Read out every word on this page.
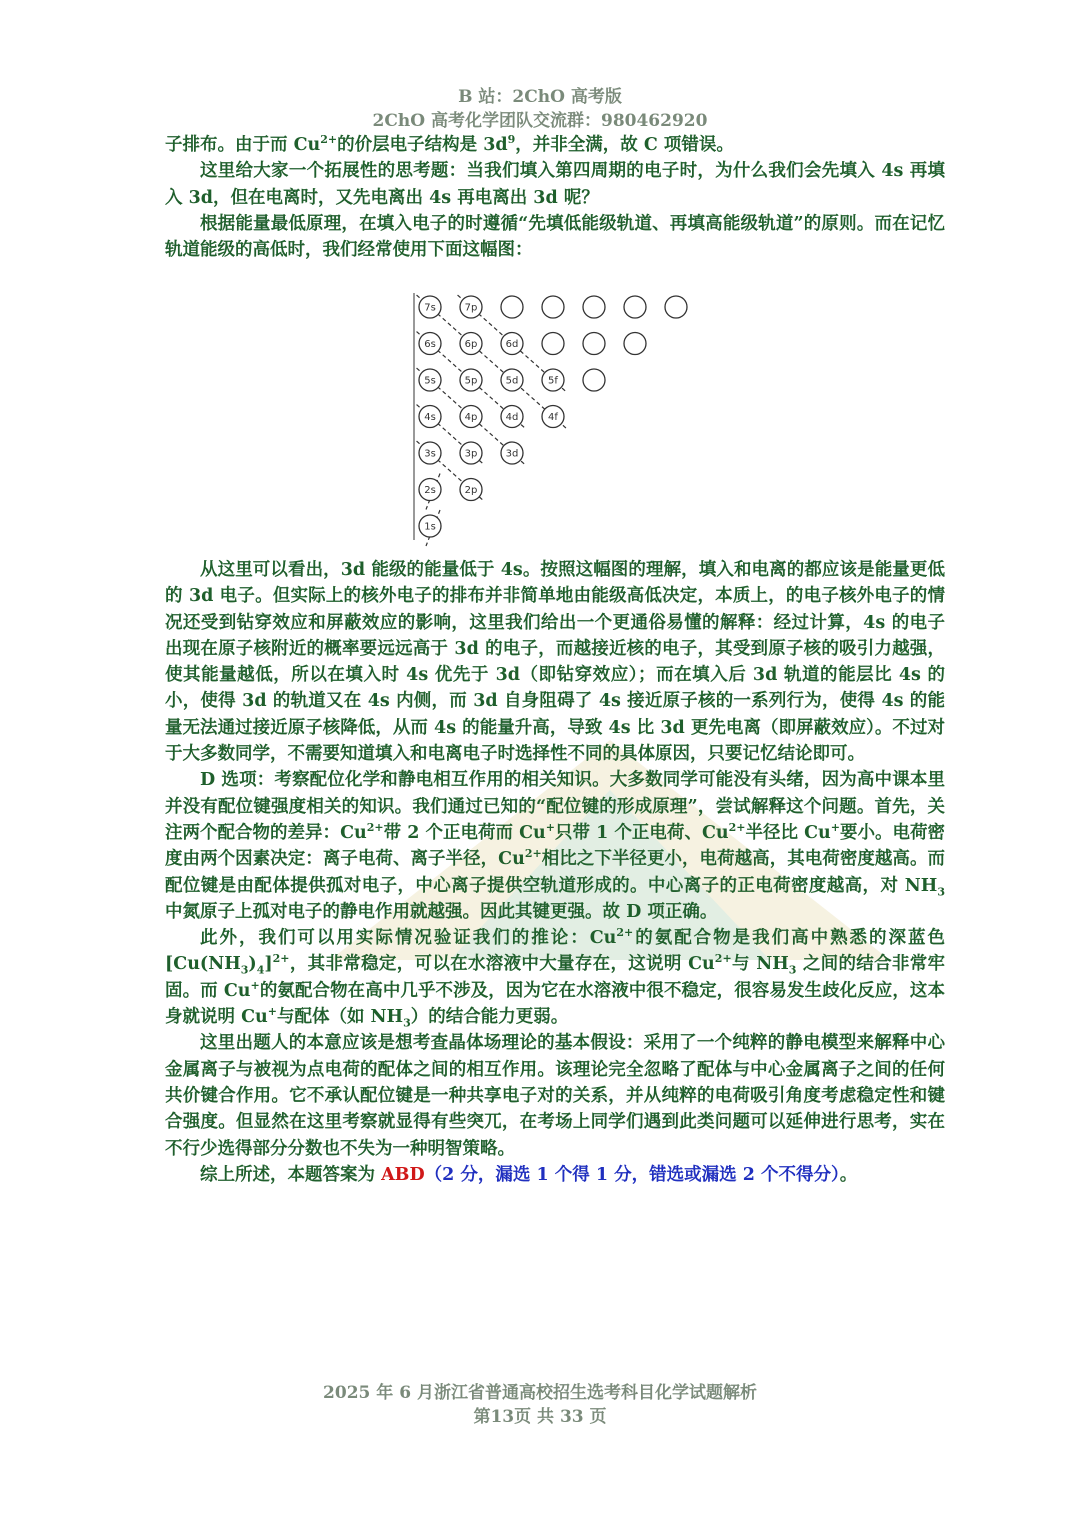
B 站：2ChO 高考版
2ChO 高考化学团队交流群：980462920

子排布。由于而 $Cu^{2+}$的价层电子结构是 $3d^9$，并非全满，故 C 项错误。

这里给大家一个拓展性的思考题：当我们填入第四周期的电子时，为什么我们会先填入 4s 再填入 3d，但在电离时，又先电离出 4s 再电离出 3d 呢？

根据能量最低原理，在填入电子的时遵循“先填低能级轨道、再填高能级轨道”的原则。而在记忆轨道能级的高低时，我们经常使用下面这幅图：

7s	7p
6s	6p	6d
5s	5p	5d	5f
4s	4p	4d	4f
3s	3p	3d
2s	2p
1s

从这里可以看出，3d 能级的能量低于 4s。按照这幅图的理解，填入和电离的都应该是能量更低的 3d 电子。但实际上的核外电子的排布并非简单地由能级高低决定，本质上，的电子核外电子的情况还受到钻穿效应和屏蔽效应的影响，这里我们给出一个更通俗易懂的解释：经过计算，4s 的电子出现在原子核附近的概率要远远高于 3d 的电子，而越接近核的电子，其受到原子核的吸引力越强，使其能量越低，所以在填入时 4s 优先于 3d（即钻穿效应）；而在填入后 3d 轨道的能层比 4s 的小，使得 3d 的轨道又在 4s 内侧，而 3d 自身阻碍了 4s 接近原子核的一系列行为，使得 4s 的能量无法通过接近原子核降低，从而 4s 的能量升高，导致 4s 比 3d 更先电离（即屏蔽效应）。不过对于大多数同学，不需要知道填入和电离电子时选择性不同的具体原因，只要记忆结论即可。

D 选项：考察配位化学和静电相互作用的相关知识。大多数同学可能没有头绪，因为高中课本里并没有配位键强度相关的知识。我们通过已知的“配位键的形成原理”，尝试解释这个问题。首先，关注两个配合物的差异：$Cu^{2+}$带 2 个正电荷而 Cu+只带 1 个正电荷、$Cu^{2+}$半径比 Cu+要小。电荷密度由两个因素决定：离子电荷、离子半径，$Cu^{2+}$相比之下半径更小，电荷越高，其电荷密度越高。而配位键是由配体提供孤对电子，中心离子提供空轨道形成的。中心离子的正电荷密度越高，对 $NH_3$ 中氮原子上孤对电子的静电作用就越强。因此其键更强。故 D 项正确。

此外，我们可以用实际情况验证我们的推论：$Cu^{2+}$的氨配合物是我们高中熟悉的深蓝色$[Cu(NH_3)_4]^{2+}$，其非常稳定，可以在水溶液中大量存在，这说明 $Cu^{2+}$与 $NH_3$ 之间的结合非常牢固。而 Cu+的氨配合物在高中几乎不涉及，因为它在水溶液中很不稳定，很容易发生歧化反应，这本身就说明 Cu+与配体（如 $NH_3$）的结合能力更弱。

这里出题人的本意应该是想考查晶体场理论的基本假设：采用了一个纯粹的静电模型来解释中心金属离子与被视为点电荷的配体之间的相互作用。该理论完全忽略了配体与中心金属离子之间的任何共价键合作用。它不承认配位键是一种共享电子对的关系，并从纯粹的电荷吸引角度考虑稳定性和键合强度。但显然在这里考察就显得有些突兀，在考场上同学们遇到此类问题可以延伸进行思考，实在不行少选得部分分数也不失为一种明智策略。

综上所述，本题答案为 ABD（2 分，漏选 1 个得 1 分，错选或漏选 2 个不得分）。

2025 年 6 月浙江省普通高校招生选考科目化学试题解析
第13页 共 33 页
